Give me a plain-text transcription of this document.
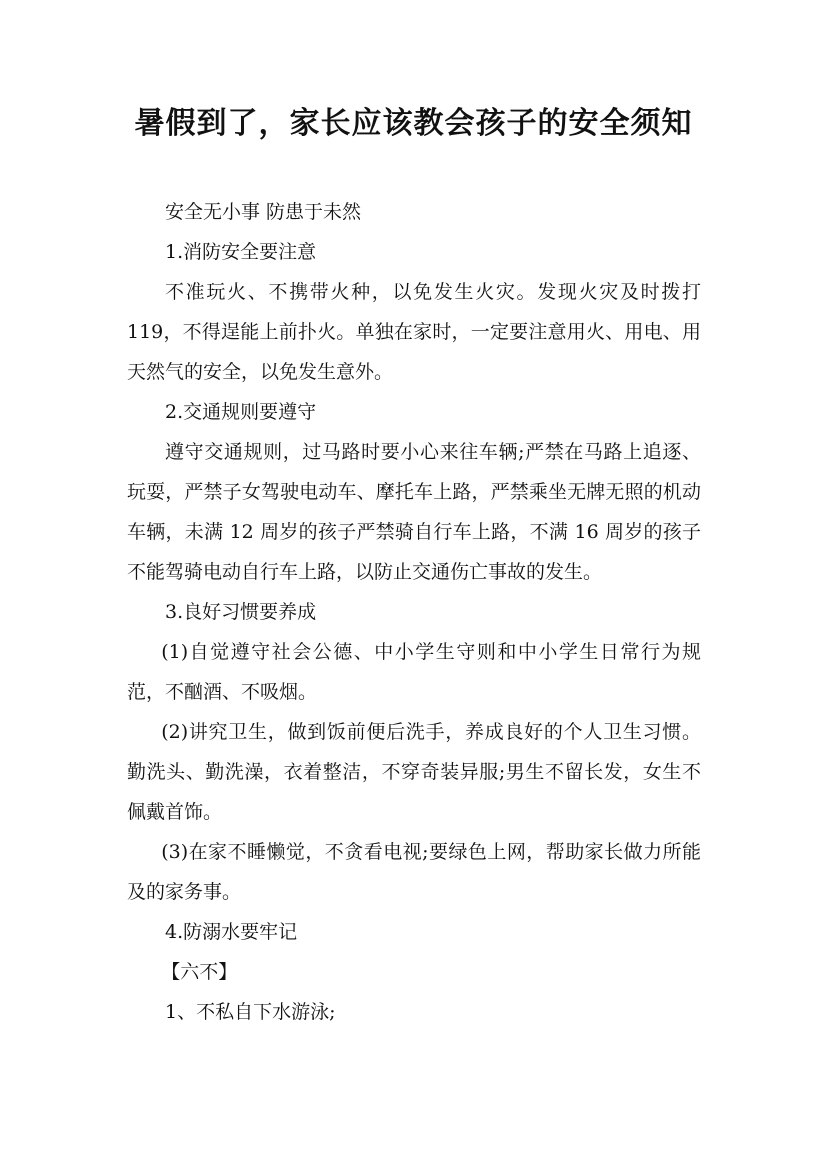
暑假到了，家长应该教会孩子的安全须知

安全无小事 防患于未然

1.消防安全要注意

不准玩火、不携带火种，以免发生火灾。发现火灾及时拨打 119，不得逞能上前扑火。单独在家时，一定要注意用火、用电、用天然气的安全，以免发生意外。

2.交通规则要遵守

遵守交通规则，过马路时要小心来往车辆;严禁在马路上追逐、玩耍，严禁子女驾驶电动车、摩托车上路，严禁乘坐无牌无照的机动车辆，未满 12 周岁的孩子严禁骑自行车上路，不满 16 周岁的孩子不能驾骑电动自行车上路，以防止交通伤亡事故的发生。

3.良好习惯要养成

(1)自觉遵守社会公德、中小学生守则和中小学生日常行为规范，不酗酒、不吸烟。

(2)讲究卫生，做到饭前便后洗手，养成良好的个人卫生习惯。勤洗头、勤洗澡，衣着整洁，不穿奇装异服;男生不留长发，女生不佩戴首饰。

(3)在家不睡懒觉，不贪看电视;要绿色上网，帮助家长做力所能及的家务事。

4.防溺水要牢记

【六不】

1、不私自下水游泳;
